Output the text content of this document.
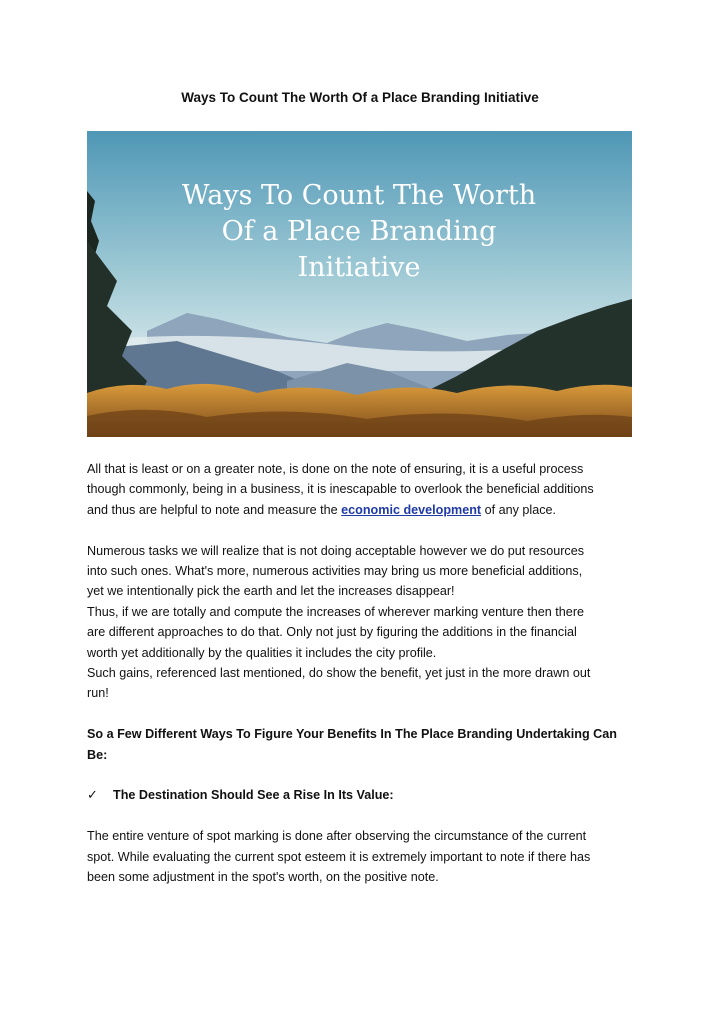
Ways To Count The Worth Of a Place Branding Initiative
Ways To Count The Worth
Of a Place Branding
Initiative

All that is least or on a greater note, is done on the note of ensuring, it is a useful process

though commonly, being in a business, it is inescapable to overlook the beneficial additions

and thus are helpful to note and measure the economic development of any place.

Numerous tasks we will realize that is not doing acceptable however we do put resources

into such ones. What's more, numerous activities may bring us more beneficial additions,

yet we intentionally pick the earth and let the increases disappear!

Thus, if we are totally and compute the increases of wherever marking venture then there

are different approaches to do that. Only not just by figuring the additions in the financial

worth yet additionally by the qualities it includes the city profile.

Such gains, referenced last mentioned, do show the benefit, yet just in the more drawn out

run!

So a Few Different Ways To Figure Your Benefits In The Place Branding Undertaking Can

Be:

✓	The Destination Should See a Rise In Its Value:

The entire venture of spot marking is done after observing the circumstance of the current

spot. While evaluating the current spot esteem it is extremely important to note if there has

been some adjustment in the spot's worth, on the positive note.
